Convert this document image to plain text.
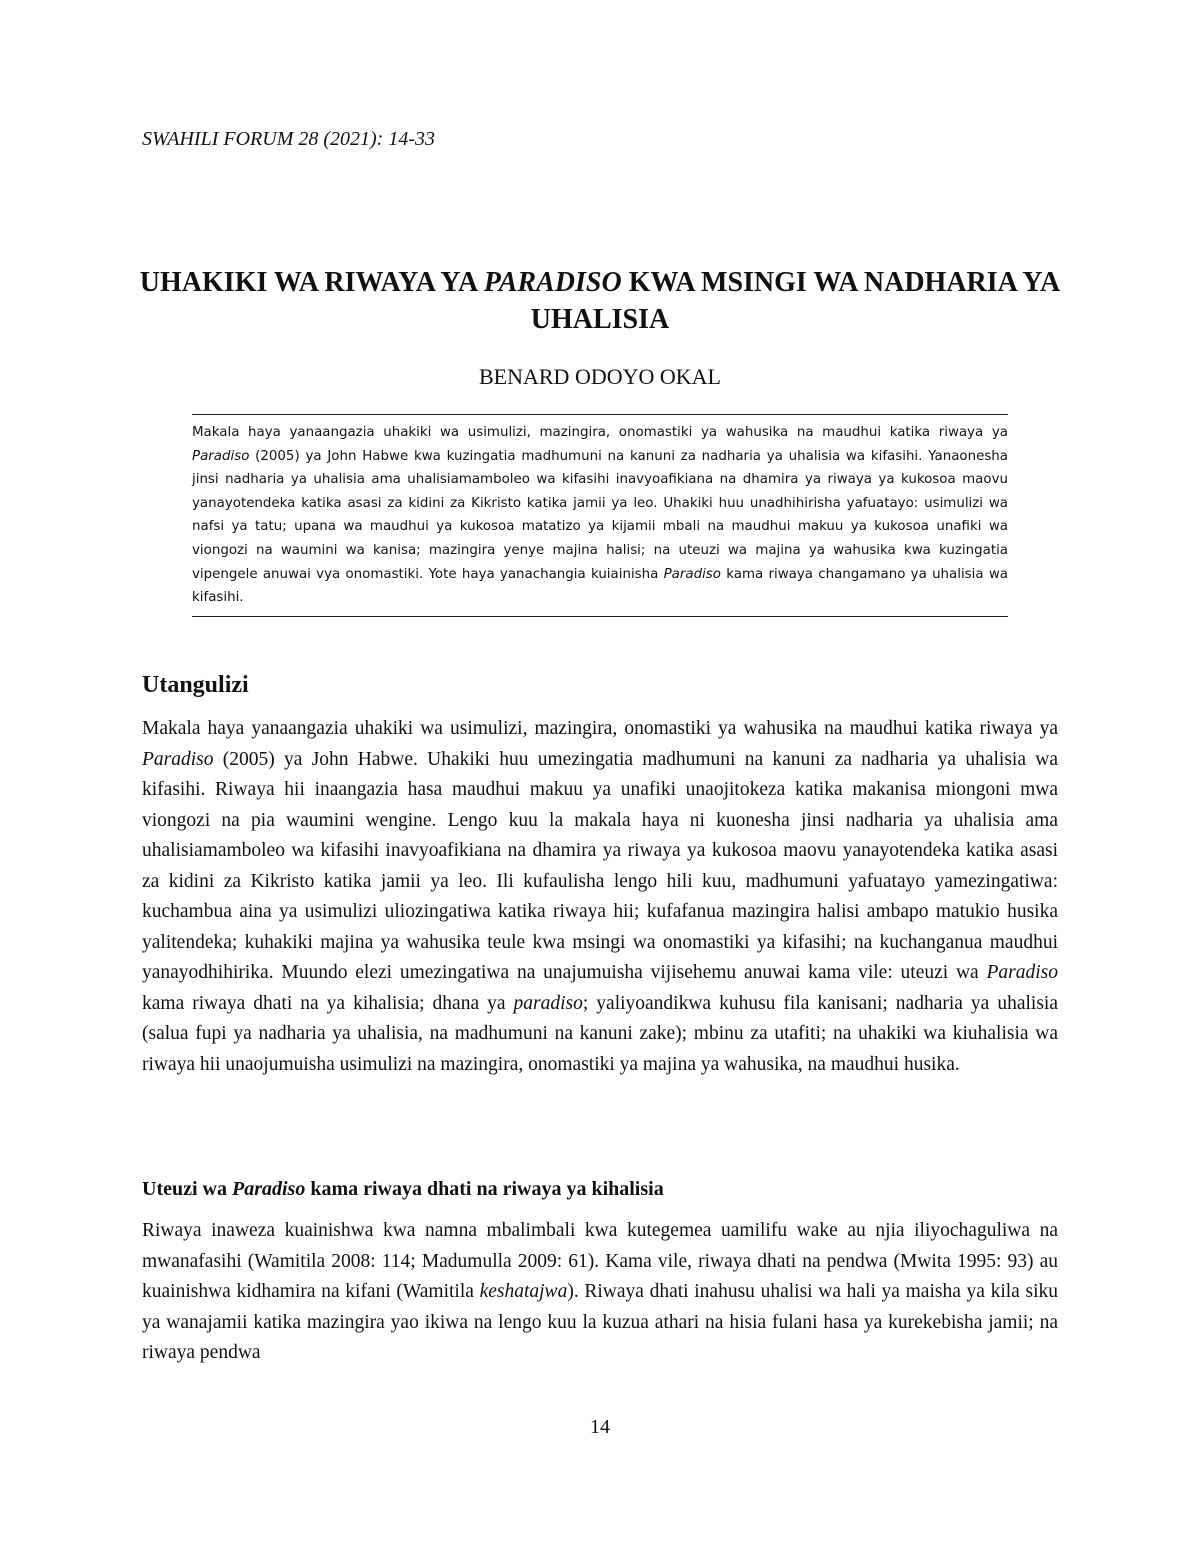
SWAHILI FORUM 28 (2021): 14-33
UHAKIKI WA RIWAYA YA PARADISO KWA MSINGI WA NADHARIA YA UHALISIA
BENARD ODOYO OKAL

Makala haya yanaangazia uhakiki wa usimulizi, mazingira, onomastiki ya wahusika na maudhui katika riwaya ya Paradiso (2005) ya John Habwe kwa kuzingatia madhumuni na kanuni za nadharia ya uhalisia wa kifasihi. Yanaonesha jinsi nadharia ya uhalisia ama uhalisiamamboleo wa kifasihi inavyoafikiana na dhamira ya riwaya ya kukosoa maovu yanayotendeka katika asasi za kidini za Kikristo katika jamii ya leo. Uhakiki huu unadhihirisha yafuatayo: usimulizi wa nafsi ya tatu; upana wa maudhui ya kukosoa matatizo ya kijamii mbali na maudhui makuu ya kukosoa unafiki wa viongozi na waumini wa kanisa; mazingira yenye majina halisi; na uteuzi wa majina ya wahusika kwa kuzingatia vipengele anuwai vya onomastiki. Yote haya yanachangia kuiainisha Paradiso kama riwaya changamano ya uhalisia wa kifasihi.

Utangulizi

Makala haya yanaangazia uhakiki wa usimulizi, mazingira, onomastiki ya wahusika na maudhui katika riwaya ya Paradiso (2005) ya John Habwe. Uhakiki huu umezingatia madhumuni na kanuni za nadharia ya uhalisia wa kifasihi. Riwaya hii inaangazia hasa maudhui makuu ya unafiki unaojitokeza katika makanisa miongoni mwa viongozi na pia waumini wengine. Lengo kuu la makala haya ni kuonesha jinsi nadharia ya uhalisia ama uhalisiamamboleo wa kifasihi inavyoafikiana na dhamira ya riwaya ya kukosoa maovu yanayotendeka katika asasi za kidini za Kikristo katika jamii ya leo. Ili kufaulisha lengo hili kuu, madhumuni yafuatayo yamezingatiwa: kuchambua aina ya usimulizi uliozingatiwa katika riwaya hii; kufafanua mazingira halisi ambapo matukio husika yalitendeka; kuhakiki majina ya wahusika teule kwa msingi wa onomastiki ya kifasihi; na kuchanganua maudhui yanayodhihirika. Muundo elezi umezingatiwa na unajumuisha vijisehemu anuwai kama vile: uteuzi wa Paradiso kama riwaya dhati na ya kihalisia; dhana ya paradiso; yaliyoandikwa kuhusu fila kanisani; nadharia ya uhalisia (salua fupi ya nadharia ya uhalisia, na madhumuni na kanuni zake); mbinu za utafiti; na uhakiki wa kiuhalisia wa riwaya hii unaojumuisha usimulizi na mazingira, onomastiki ya majina ya wahusika, na maudhui husika.

Uteuzi wa Paradiso kama riwaya dhati na riwaya ya kihalisia

Riwaya inaweza kuainishwa kwa namna mbalimbali kwa kutegemea uamilifu wake au njia iliyochaguliwa na mwanafasihi (Wamitila 2008: 114; Madumulla 2009: 61). Kama vile, riwaya dhati na pendwa (Mwita 1995: 93) au kuainishwa kidhamira na kifani (Wamitila keshatajwa). Riwaya dhati inahusu uhalisi wa hali ya maisha ya kila siku ya wanajamii katika mazingira yao ikiwa na lengo kuu la kuzua athari na hisia fulani hasa ya kurekebisha jamii; na riwaya pendwa

14
